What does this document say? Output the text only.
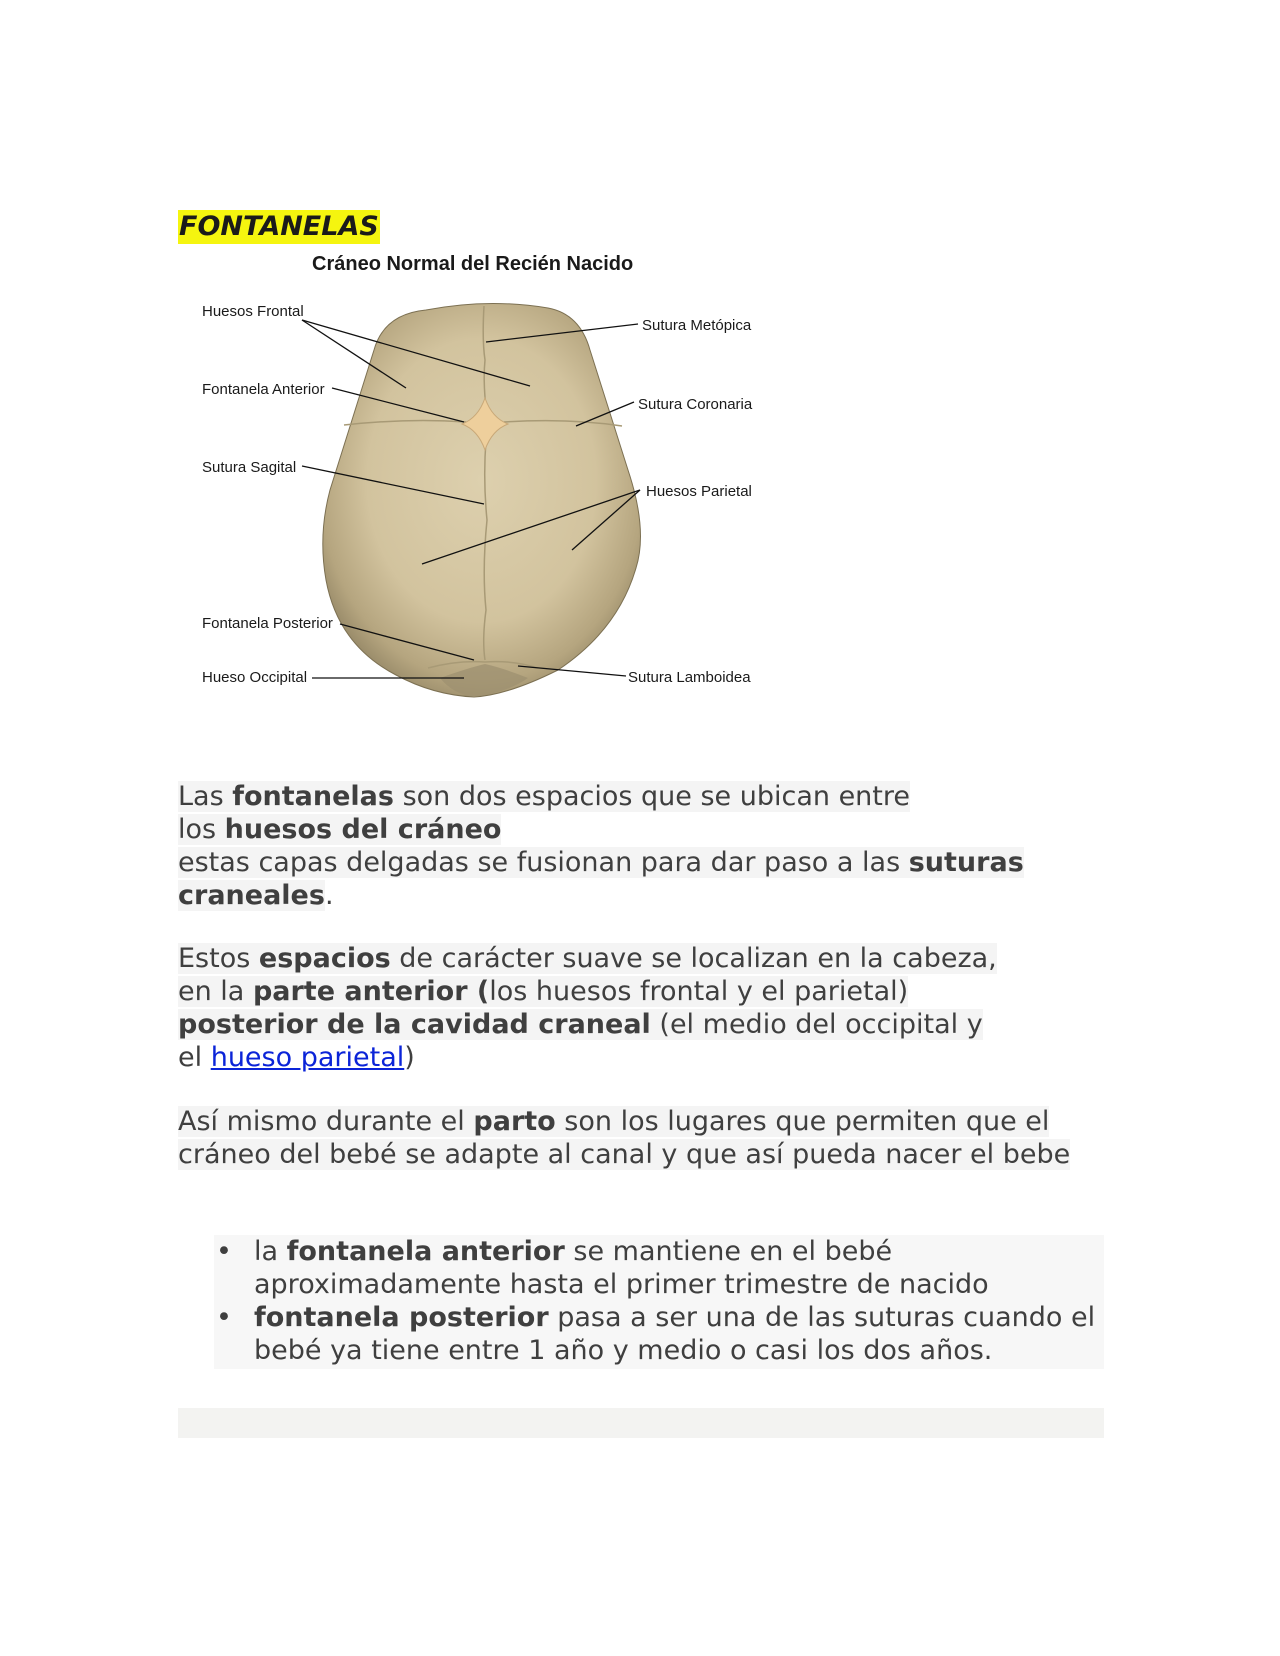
FONTANELAS
Cráneo Normal del Recién Nacido
Huesos Frontal
Fontanela Anterior
Sutura Sagital
Fontanela Posterior
Hueso Occipital
Sutura Metópica
Sutura Coronaria
Huesos Parietal
Sutura Lamboidea
Las fontanelas son dos espacios que se ubican entre
los huesos del cráneo
estas capas delgadas se fusionan para dar paso a las suturas craneales.
Estos espacios de carácter suave se localizan en la cabeza,
en la parte anterior (los huesos frontal y el parietal)
posterior de la cavidad craneal (el medio del occipital y
el hueso parietal)
Así mismo durante el parto son los lugares que permiten que el cráneo del bebé se adapte al canal y que así pueda nacer el bebe
• la fontanela anterior se mantiene en el bebé aproximadamente hasta el primer trimestre de nacido
• fontanela posterior pasa a ser una de las suturas cuando el bebé ya tiene entre 1 año y medio o casi los dos años.
